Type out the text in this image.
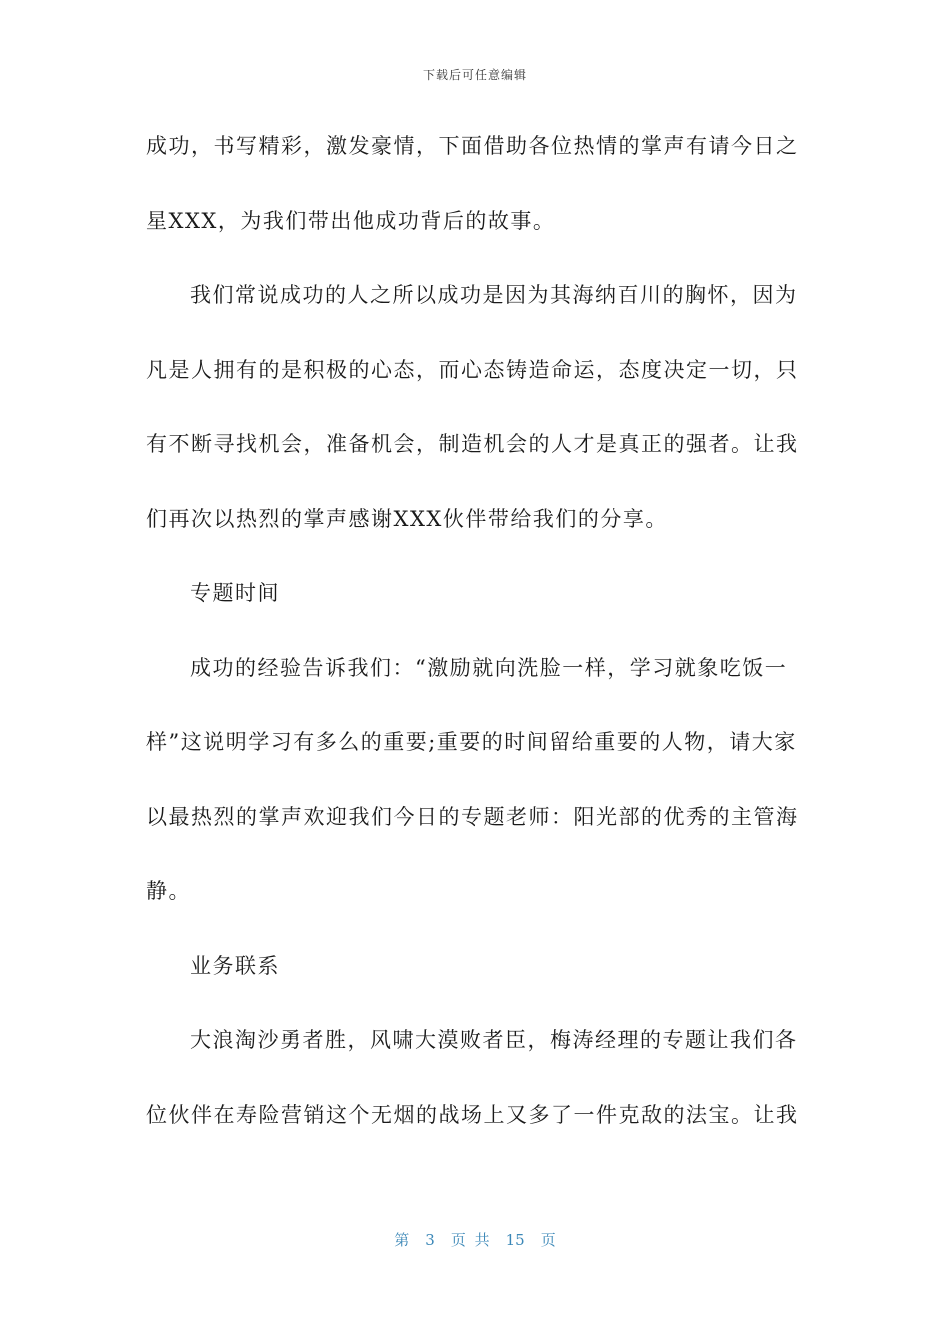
下载后可任意编辑
成功，书写精彩，激发豪情，下面借助各位热情的掌声有请今日之
星XXX，为我们带出他成功背后的故事。
我们常说成功的人之所以成功是因为其海纳百川的胸怀，因为
凡是人拥有的是积极的心态，而心态铸造命运，态度决定一切，只
有不断寻找机会，准备机会，制造机会的人才是真正的强者。让我
们再次以热烈的掌声感谢XXX伙伴带给我们的分享。
专题时间
成功的经验告诉我们：“激励就向洗脸一样，学习就象吃饭一
样”这说明学习有多么的重要;重要的时间留给重要的人物，请大家
以最热烈的掌声欢迎我们今日的专题老师：阳光部的优秀的主管海
静。
业务联系
大浪淘沙勇者胜，风啸大漠败者臣，梅涛经理的专题让我们各
位伙伴在寿险营销这个无烟的战场上又多了一件克敌的法宝。让我
第 3 页 共 15 页
